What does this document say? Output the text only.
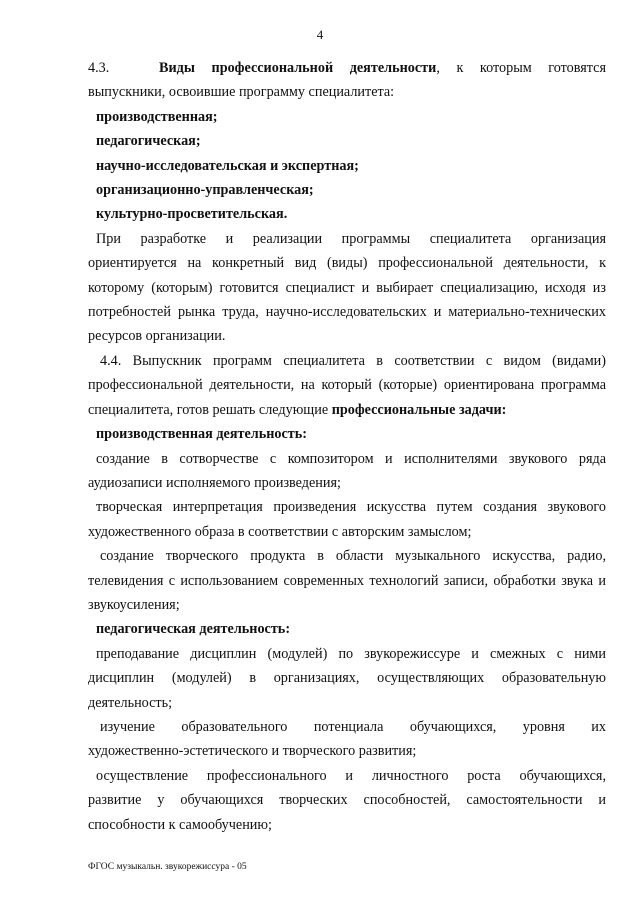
4

4.3.	Виды профессиональной деятельности, к которым готовятся

выпускники, освоившие программу специалитета:

производственная;

педагогическая;

научно-исследовательская и экспертная;

организационно-управленческая;

культурно-просветительская.

При разработке и реализации программы специалитета организация

ориентируется на конкретный вид (виды) профессиональной деятельности, к

которому (которым) готовится специалист и выбирает специализацию, исходя из

потребностей рынка труда, научно-исследовательских и материально-технических

ресурсов организации.

4.4. Выпускник программ специалитета в соответствии с видом (видами)

профессиональной деятельности, на который (которые) ориентирована программа

специалитета, готов решать следующие профессиональные задачи:

производственная деятельность:

создание в сотворчестве с композитором и исполнителями звукового ряда

аудиозаписи исполняемого произведения;

творческая интерпретация произведения искусства путем создания звукового

художественного образа в соответствии с авторским замыслом;

создание творческого продукта в области музыкального искусства, радио,

телевидения с использованием современных технологий записи, обработки звука и

звукоусиления;

педагогическая деятельность:

преподавание дисциплин (модулей) по звукорежиссуре и смежных с ними

дисциплин (модулей) в организациях, осуществляющих образовательную

деятельность;

изучение образовательного потенциала обучающихся, уровня их

художественно-эстетического и творческого развития;

осуществление профессионального и личностного роста обучающихся,

развитие у обучающихся творческих способностей, самостоятельности и

способности к самообучению;

ФГОС музыкальн. звукорежиссура - 05
